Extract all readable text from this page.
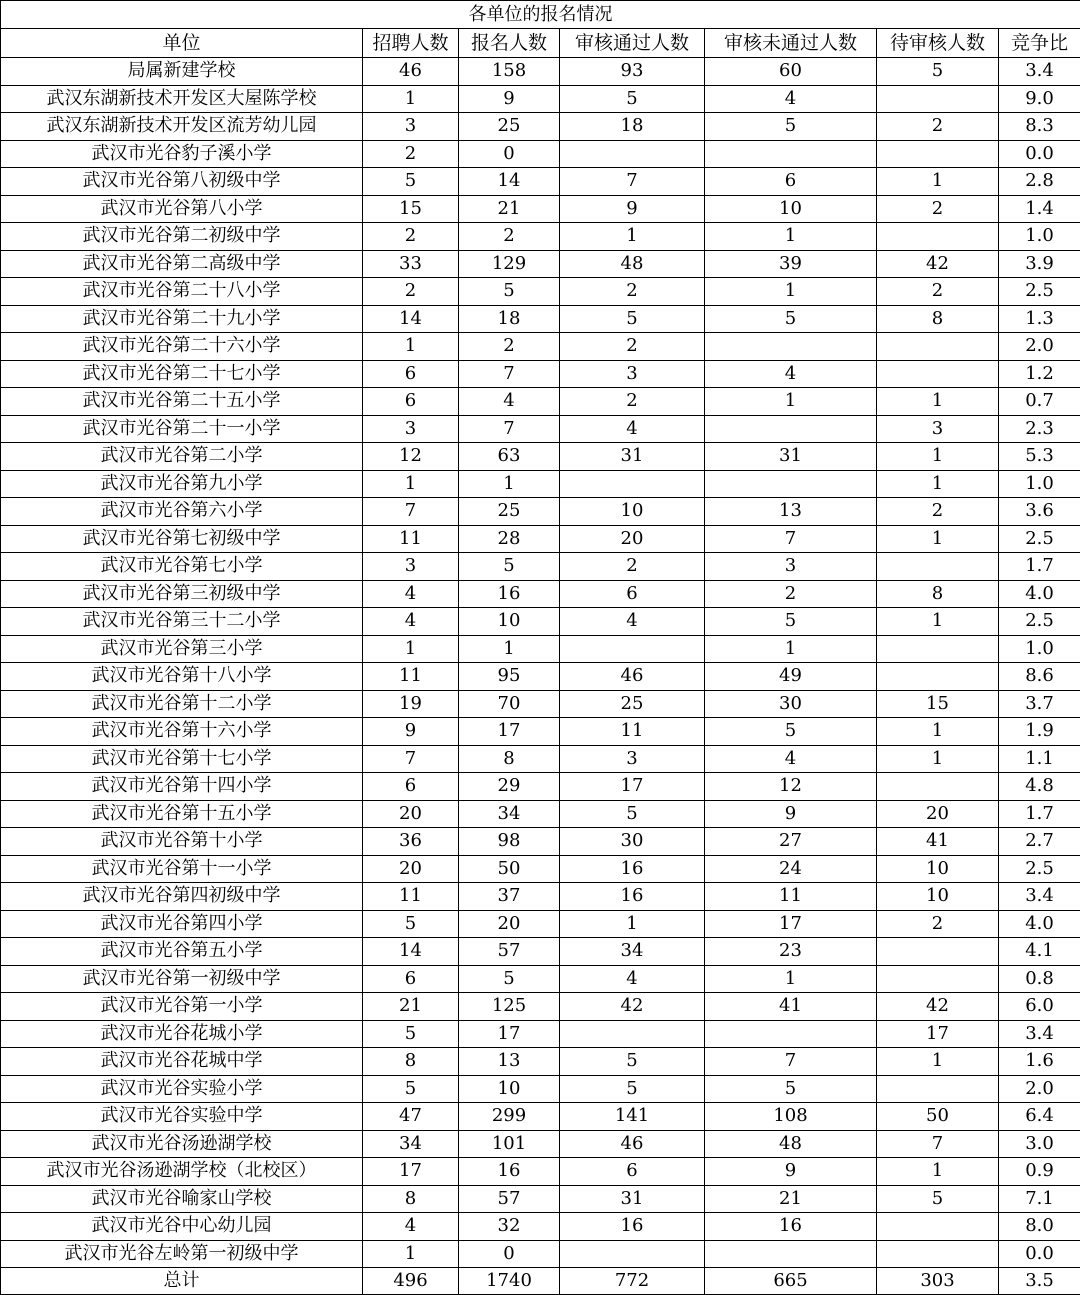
各单位的报名情况						
单位	招聘人数	报名人数	审核通过人数	审核未通过人数	待审核人数	竞争比
局属新建学校	46	158	93	60	5	3.4
武汉东湖新技术开发区大屋陈学校	1	9	5	4		9.0
武汉东湖新技术开发区流芳幼儿园	3	25	18	5	2	8.3
武汉市光谷豹子溪小学	2	0				0.0
武汉市光谷第八初级中学	5	14	7	6	1	2.8
武汉市光谷第八小学	15	21	9	10	2	1.4
武汉市光谷第二初级中学	2	2	1	1		1.0
武汉市光谷第二高级中学	33	129	48	39	42	3.9
武汉市光谷第二十八小学	2	5	2	1	2	2.5
武汉市光谷第二十九小学	14	18	5	5	8	1.3
武汉市光谷第二十六小学	1	2	2			2.0
武汉市光谷第二十七小学	6	7	3	4		1.2
武汉市光谷第二十五小学	6	4	2	1	1	0.7
武汉市光谷第二十一小学	3	7	4		3	2.3
武汉市光谷第二小学	12	63	31	31	1	5.3
武汉市光谷第九小学	1	1			1	1.0
武汉市光谷第六小学	7	25	10	13	2	3.6
武汉市光谷第七初级中学	11	28	20	7	1	2.5
武汉市光谷第七小学	3	5	2	3		1.7
武汉市光谷第三初级中学	4	16	6	2	8	4.0
武汉市光谷第三十二小学	4	10	4	5	1	2.5
武汉市光谷第三小学	1	1		1		1.0
武汉市光谷第十八小学	11	95	46	49		8.6
武汉市光谷第十二小学	19	70	25	30	15	3.7
武汉市光谷第十六小学	9	17	11	5	1	1.9
武汉市光谷第十七小学	7	8	3	4	1	1.1
武汉市光谷第十四小学	6	29	17	12		4.8
武汉市光谷第十五小学	20	34	5	9	20	1.7
武汉市光谷第十小学	36	98	30	27	41	2.7
武汉市光谷第十一小学	20	50	16	24	10	2.5
武汉市光谷第四初级中学	11	37	16	11	10	3.4
武汉市光谷第四小学	5	20	1	17	2	4.0
武汉市光谷第五小学	14	57	34	23		4.1
武汉市光谷第一初级中学	6	5	4	1		0.8
武汉市光谷第一小学	21	125	42	41	42	6.0
武汉市光谷花城小学	5	17			17	3.4
武汉市光谷花城中学	8	13	5	7	1	1.6
武汉市光谷实验小学	5	10	5	5		2.0
武汉市光谷实验中学	47	299	141	108	50	6.4
武汉市光谷汤逊湖学校	34	101	46	48	7	3.0
武汉市光谷汤逊湖学校（北校区）	17	16	6	9	1	0.9
武汉市光谷喻家山学校	8	57	31	21	5	7.1
武汉市光谷中心幼儿园	4	32	16	16		8.0
武汉市光谷左岭第一初级中学	1	0				0.0
总计	496	1740	772	665	303	3.5
